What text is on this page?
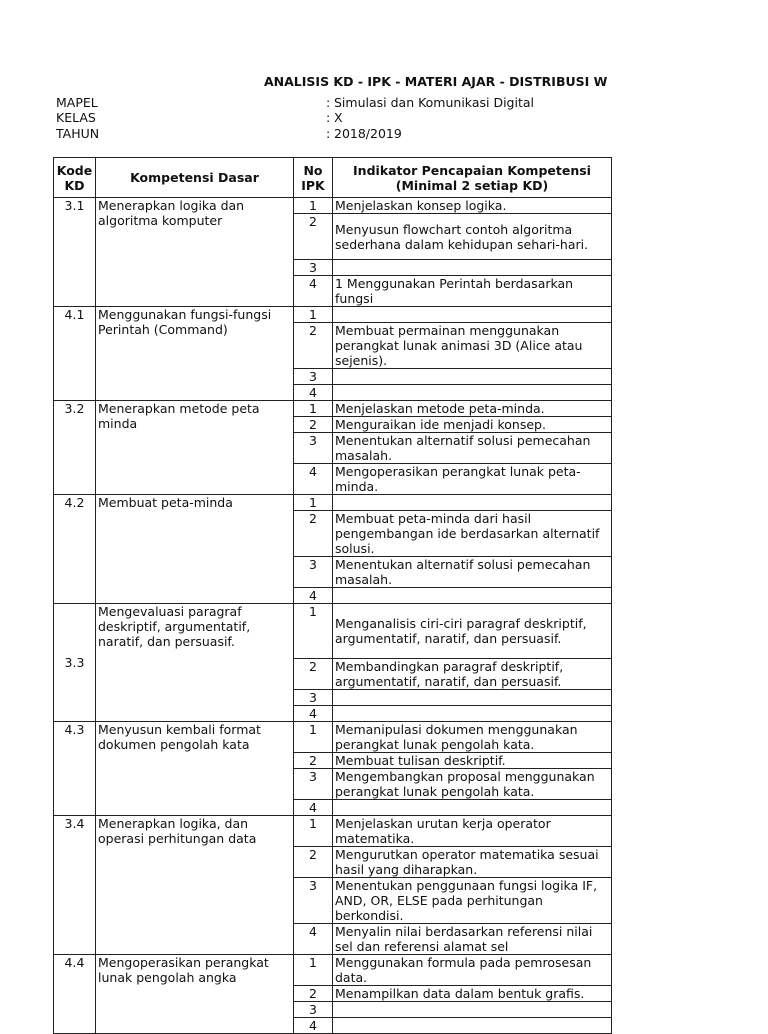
ANALISIS KD - IPK - MATERI AJAR - DISTRIBUSI W
MAPEL	: Simulasi dan Komunikasi Digital
KELAS	: X
TAHUN	: 2018/2019
Kode KD	Kompetensi Dasar	No IPK	Indikator Pencapaian Kompetensi (Minimal 2 setiap KD)
3.1	Menerapkan logika dan algoritma komputer	1	Menjelaskan konsep logika.
		2	Menyusun flowchart contoh algoritma sederhana dalam kehidupan sehari-hari.
		3	
		4	1 Menggunakan Perintah berdasarkan fungsi
4.1	Menggunakan fungsi-fungsi Perintah (Command)	1	
		2	Membuat permainan menggunakan perangkat lunak animasi 3D (Alice atau sejenis).
		3	
		4	
3.2	Menerapkan metode peta minda	1	Menjelaskan metode peta-minda.
		2	Menguraikan ide menjadi konsep.
		3	Menentukan alternatif solusi pemecahan masalah.
		4	Mengoperasikan perangkat lunak peta-minda.
4.2	Membuat peta-minda	1	
		2	Membuat peta-minda dari hasil pengembangan ide berdasarkan alternatif solusi.
		3	Menentukan alternatif solusi pemecahan masalah.
		4	
3.3	Mengevaluasi paragraf deskriptif, argumentatif, naratif, dan persuasif.	1	Menganalisis ciri-ciri paragraf deskriptif, argumentatif, naratif, dan persuasif.
		2	Membandingkan paragraf deskriptif, argumentatif, naratif, dan persuasif.
		3	
		4	
4.3	Menyusun kembali format dokumen pengolah kata	1	Memanipulasi dokumen menggunakan perangkat lunak pengolah kata.
		2	Membuat tulisan deskriptif.
		3	Mengembangkan proposal menggunakan perangkat lunak pengolah kata.
		4	
3.4	Menerapkan logika, dan operasi perhitungan data	1	Menjelaskan urutan kerja operator matematika.
		2	Mengurutkan operator matematika sesuai hasil yang diharapkan.
		3	Menentukan penggunaan fungsi logika IF, AND, OR, ELSE pada perhitungan berkondisi.
		4	Menyalin nilai berdasarkan referensi nilai sel dan referensi alamat sel
4.4	Mengoperasikan perangkat lunak pengolah angka	1	Menggunakan formula pada pemrosesan data.
		2	Menampilkan data dalam bentuk grafis.
		3	
		4	
